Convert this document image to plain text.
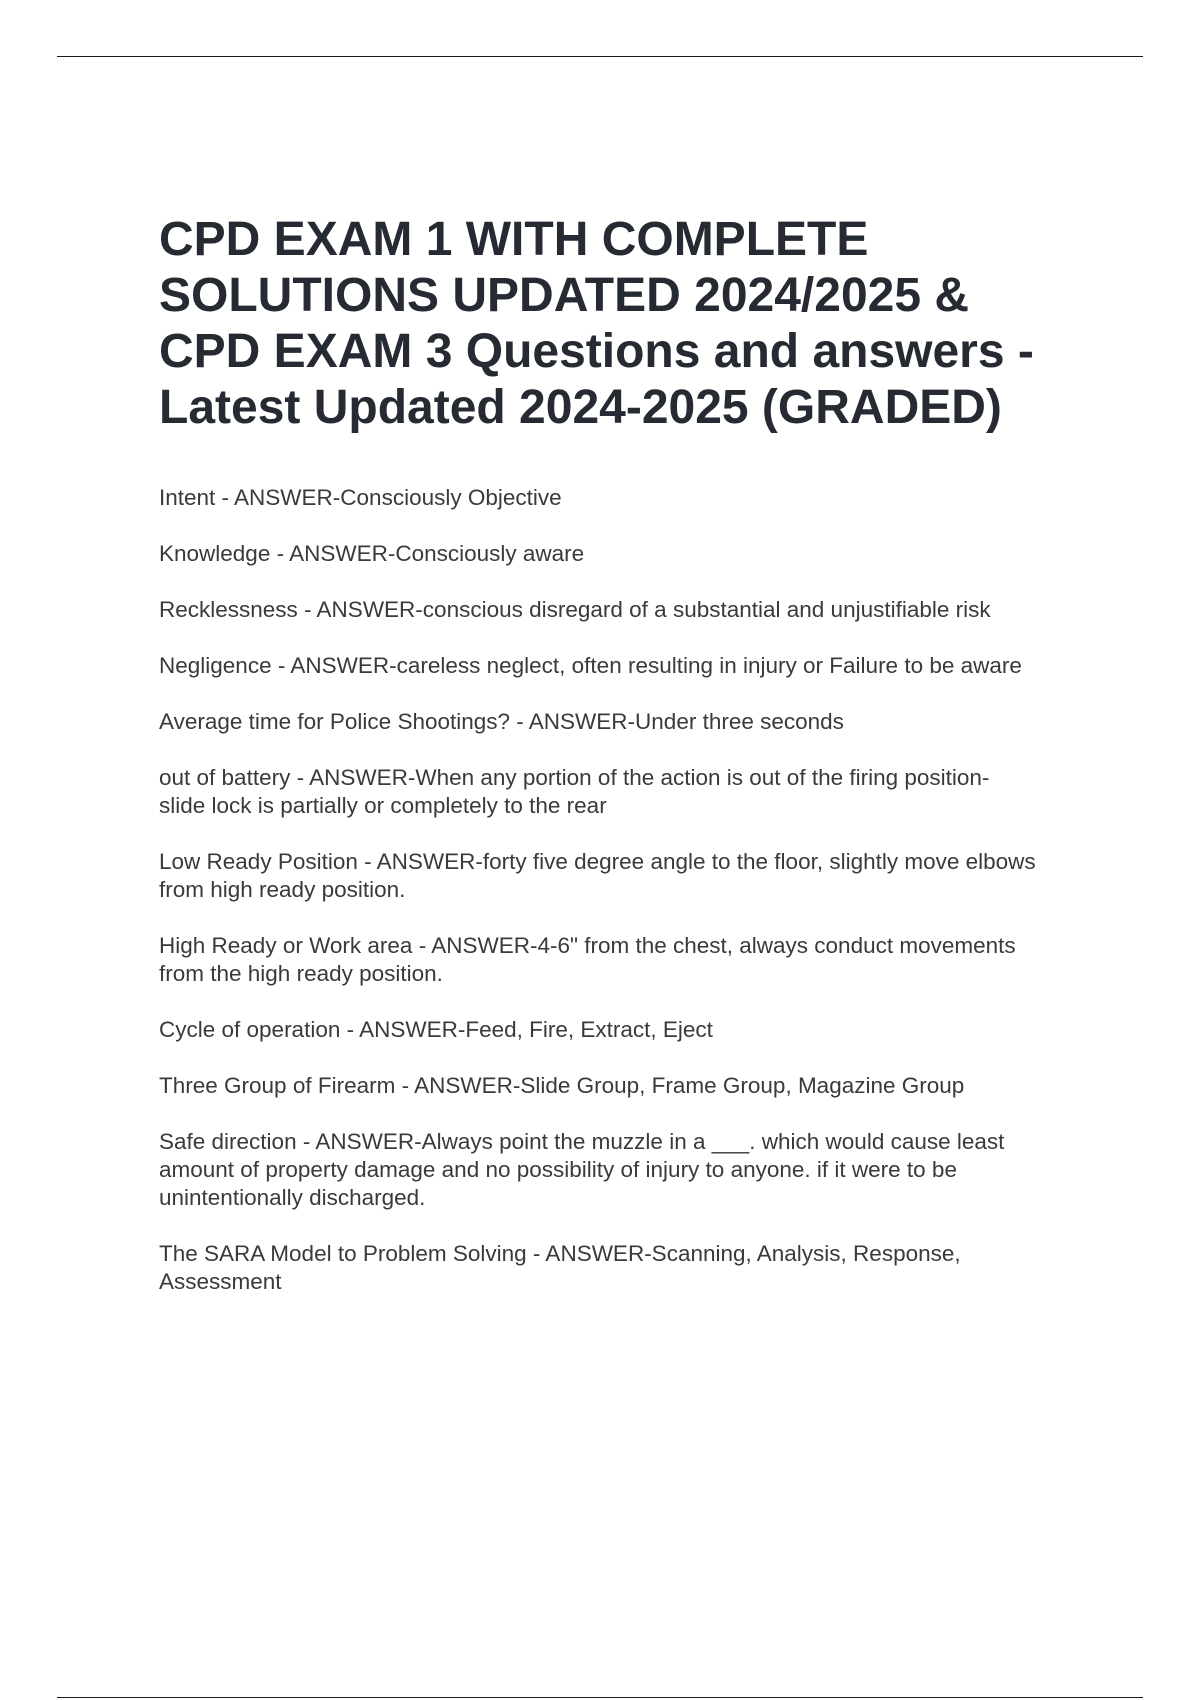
CPD EXAM 1 WITH COMPLETE SOLUTIONS UPDATED 2024/2025 & CPD EXAM 3 Questions and answers - Latest Updated 2024-2025 (GRADED)
Intent - ANSWER-Consciously Objective
Knowledge - ANSWER-Consciously aware
Recklessness - ANSWER-conscious disregard of a substantial and unjustifiable risk
Negligence - ANSWER-careless neglect, often resulting in injury or Failure to be aware
Average time for Police Shootings? - ANSWER-Under three seconds
out of battery - ANSWER-When any portion of the action is out of the firing position- slide lock is partially or completely to the rear
Low Ready Position - ANSWER-forty five degree angle to the floor, slightly move elbows from high ready position.
High Ready or Work area - ANSWER-4-6" from the chest, always conduct movements from the high ready position.
Cycle of operation - ANSWER-Feed, Fire, Extract, Eject
Three Group of Firearm - ANSWER-Slide Group, Frame Group, Magazine Group
Safe direction - ANSWER-Always point the muzzle in a ___. which would cause least amount of property damage and no possibility of injury to anyone. if it were to be unintentionally discharged.
The SARA Model to Problem Solving - ANSWER-Scanning, Analysis, Response, Assessment
